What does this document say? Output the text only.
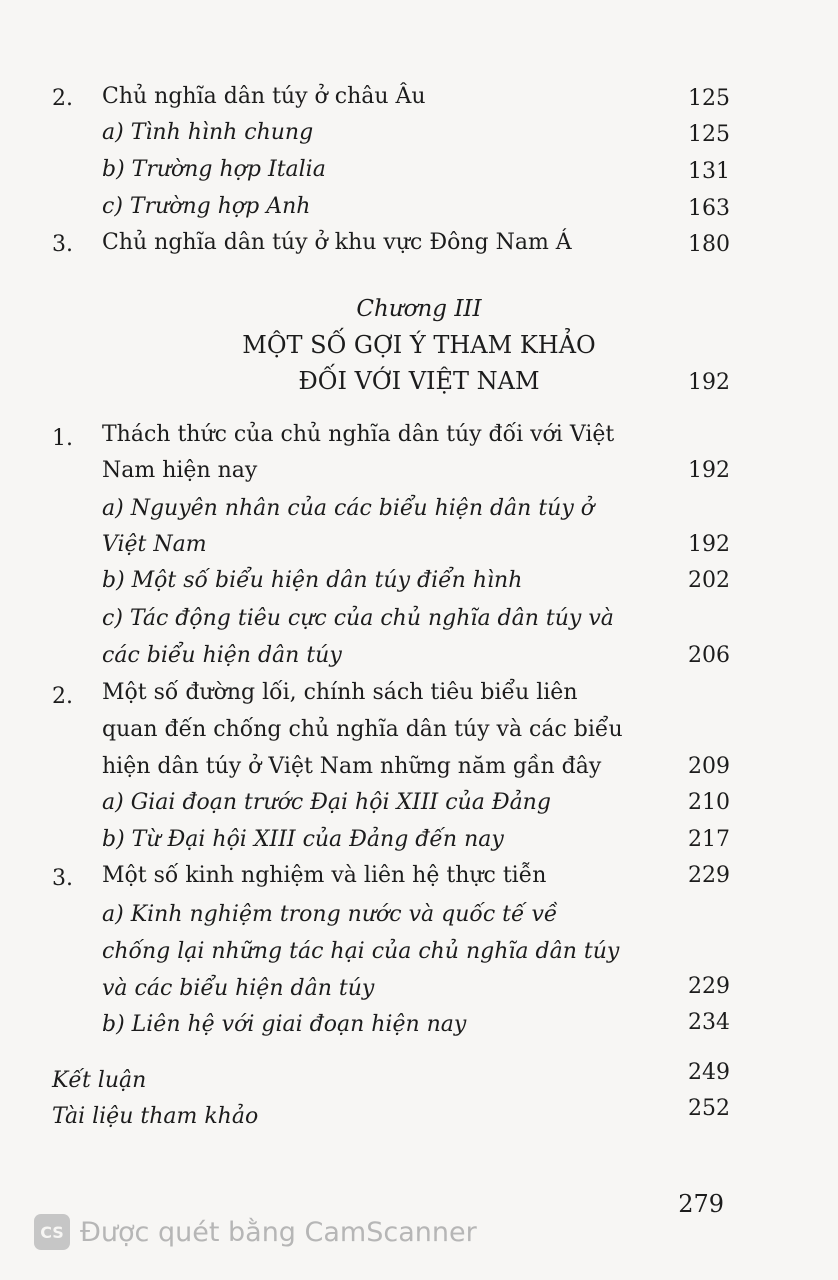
2. Chủ nghĩa dân túy ở châu Âu	125
a) Tình hình chung	125
b) Trường hợp Italia	131
c) Trường hợp Anh	163
3. Chủ nghĩa dân túy ở khu vực Đông Nam Á	180
Chương III
MỘT SỐ GỢI Ý THAM KHẢO
ĐỐI VỚI VIỆT NAM	192
1. Thách thức của chủ nghĩa dân túy đối với Việt
Nam hiện nay	192
a) Nguyên nhân của các biểu hiện dân túy ở
Việt Nam	192
b) Một số biểu hiện dân túy điển hình	202
c) Tác động tiêu cực của chủ nghĩa dân túy và
các biểu hiện dân túy	206
2. Một số đường lối, chính sách tiêu biểu liên
quan đến chống chủ nghĩa dân túy và các biểu
hiện dân túy ở Việt Nam những năm gần đây	209
a) Giai đoạn trước Đại hội XIII của Đảng	210
b) Từ Đại hội XIII của Đảng đến nay	217
3. Một số kinh nghiệm và liên hệ thực tiễn	229
a) Kinh nghiệm trong nước và quốc tế về
chống lại những tác hại của chủ nghĩa dân túy
và các biểu hiện dân túy	229
b) Liên hệ với giai đoạn hiện nay	234
Kết luận	249
Tài liệu tham khảo	252
279
CS Được quét bằng CamScanner
